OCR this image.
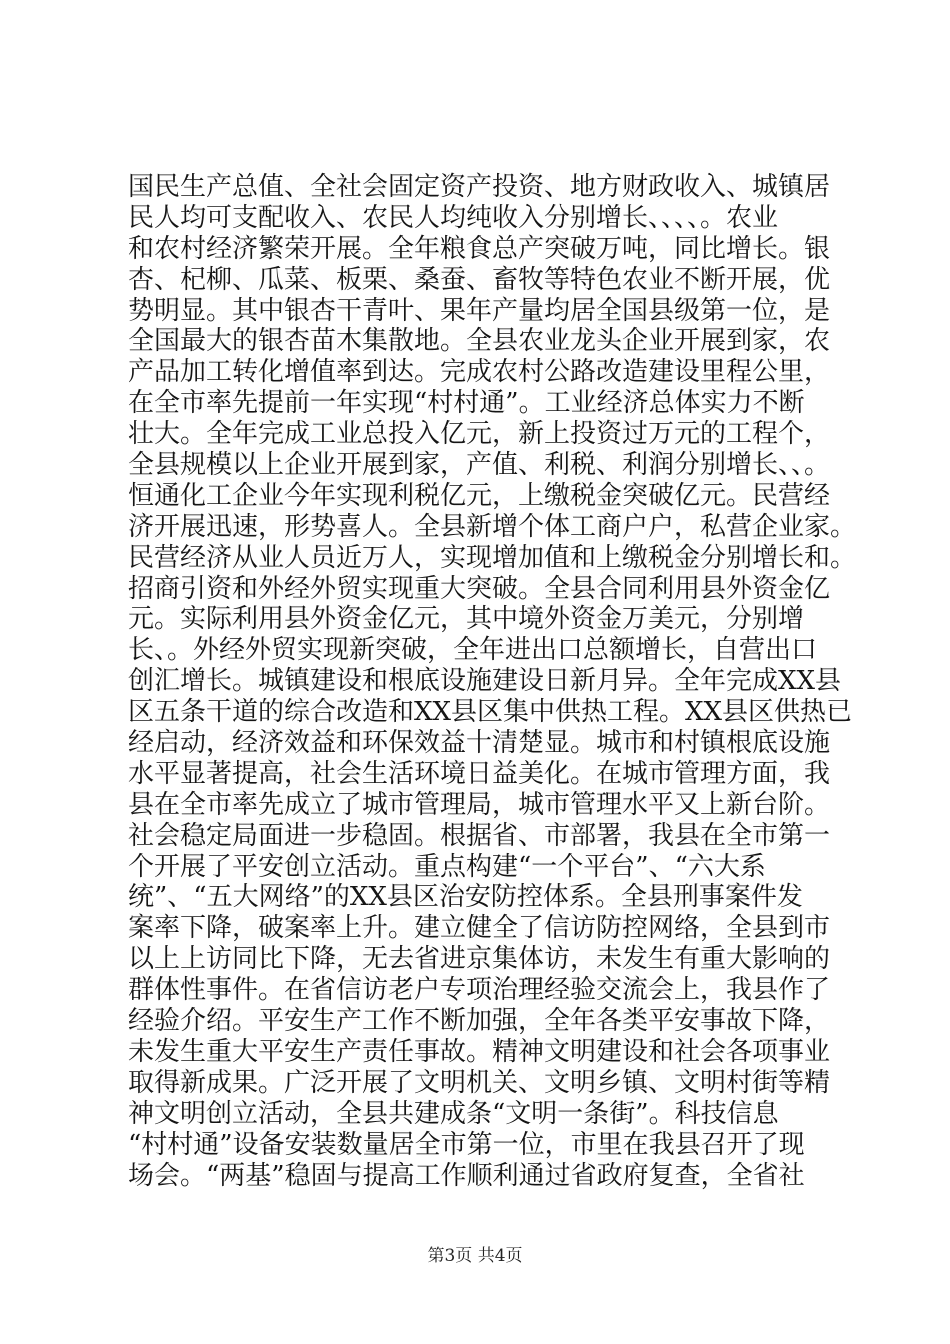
国民生产总值、全社会固定资产投资、地方财政收入、城镇居
民人均可支配收入、农民人均纯收入分别增长、、、、。农业
和农村经济繁荣开展。全年粮食总产突破万吨，同比增长。银
杏、杞柳、瓜菜、板栗、桑蚕、畜牧等特色农业不断开展，优
势明显。其中银杏干青叶、果年产量均居全国县级第一位，是
全国最大的银杏苗木集散地。全县农业龙头企业开展到家，农
产品加工转化增值率到达。完成农村公路改造建设里程公里，
在全市率先提前一年实现“村村通”。工业经济总体实力不断
壮大。全年完成工业总投入亿元，新上投资过万元的工程个，
全县规模以上企业开展到家，产值、利税、利润分别增长、、。
恒通化工企业今年实现利税亿元，上缴税金突破亿元。民营经
济开展迅速，形势喜人。全县新增个体工商户户，私营企业家。
民营经济从业人员近万人，实现增加值和上缴税金分别增长和。
招商引资和外经外贸实现重大突破。全县合同利用县外资金亿
元。实际利用县外资金亿元，其中境外资金万美元，分别增
长、。外经外贸实现新突破，全年进出口总额增长，自营出口
创汇增长。城镇建设和根底设施建设日新月异。全年完成XX县
区五条干道的综合改造和XX县区集中供热工程。XX县区供热已
经启动，经济效益和环保效益十清楚显。城市和村镇根底设施
水平显著提高，社会生活环境日益美化。在城市管理方面，我
县在全市率先成立了城市管理局，城市管理水平又上新台阶。
社会稳定局面进一步稳固。根据省、市部署，我县在全市第一
个开展了平安创立活动。重点构建“一个平台”、“六大系
统”、“五大网络”的XX县区治安防控体系。全县刑事案件发
案率下降，破案率上升。建立健全了信访防控网络，全县到市
以上上访同比下降，无去省进京集体访，未发生有重大影响的
群体性事件。在省信访老户专项治理经验交流会上，我县作了
经验介绍。平安生产工作不断加强，全年各类平安事故下降，
未发生重大平安生产责任事故。精神文明建设和社会各项事业
取得新成果。广泛开展了文明机关、文明乡镇、文明村街等精
神文明创立活动，全县共建成条“文明一条街”。科技信息
“村村通”设备安装数量居全市第一位，市里在我县召开了现
场会。“两基”稳固与提高工作顺利通过省政府复查，全省社
第3页 共4页
